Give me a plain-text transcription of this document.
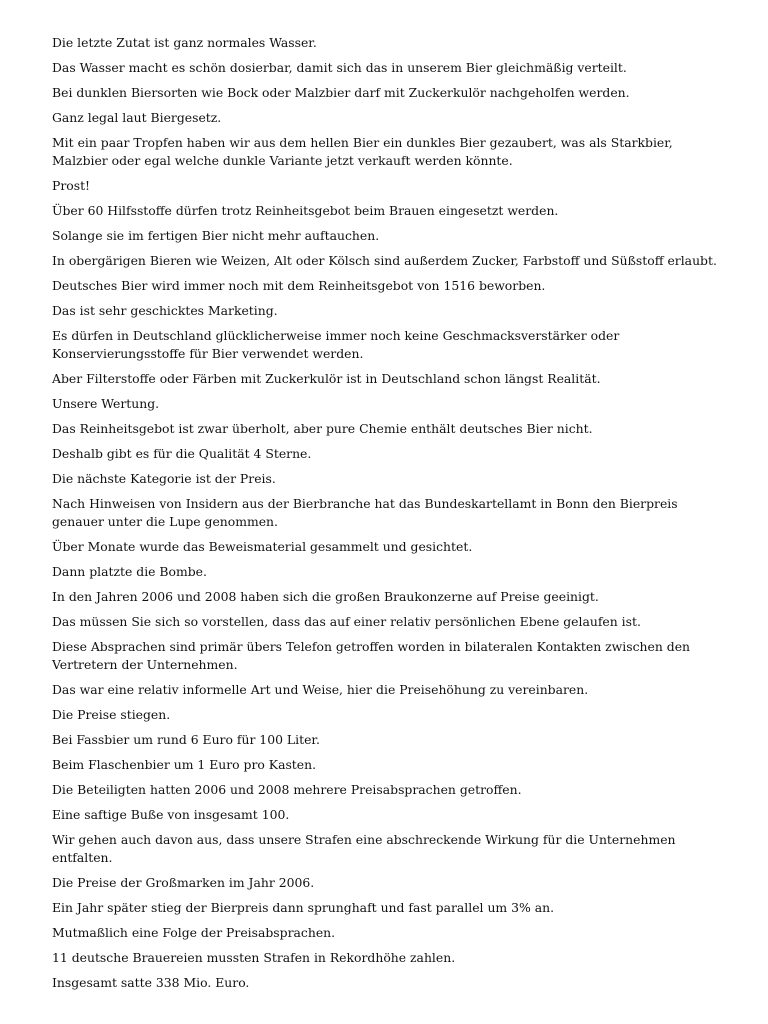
Die letzte Zutat ist ganz normales Wasser.

Das Wasser macht es schön dosierbar, damit sich das in unserem Bier gleichmäßig verteilt.

Bei dunklen Biersorten wie Bock oder Malzbier darf mit Zuckerkulör nachgeholfen werden.

Ganz legal laut Biergesetz.

Mit ein paar Tropfen haben wir aus dem hellen Bier ein dunkles Bier gezaubert, was als Starkbier, Malzbier oder egal welche dunkle Variante jetzt verkauft werden könnte.

Prost!

Über 60 Hilfsstoffe dürfen trotz Reinheitsgebot beim Brauen eingesetzt werden.

Solange sie im fertigen Bier nicht mehr auftauchen.

In obergärigen Bieren wie Weizen, Alt oder Kölsch sind außerdem Zucker, Farbstoff und Süßstoff erlaubt.

Deutsches Bier wird immer noch mit dem Reinheitsgebot von 1516 beworben.

Das ist sehr geschicktes Marketing.

Es dürfen in Deutschland glücklicherweise immer noch keine Geschmacksverstärker oder Konservierungsstoffe für Bier verwendet werden.

Aber Filterstoffe oder Färben mit Zuckerkulör ist in Deutschland schon längst Realität.

Unsere Wertung.

Das Reinheitsgebot ist zwar überholt, aber pure Chemie enthält deutsches Bier nicht.

Deshalb gibt es für die Qualität 4 Sterne.

Die nächste Kategorie ist der Preis.

Nach Hinweisen von Insidern aus der Bierbranche hat das Bundeskartellamt in Bonn den Bierpreis genauer unter die Lupe genommen.

Über Monate wurde das Beweismaterial gesammelt und gesichtet.

Dann platzte die Bombe.

In den Jahren 2006 und 2008 haben sich die großen Braukonzerne auf Preise geeinigt.

Das müssen Sie sich so vorstellen, dass das auf einer relativ persönlichen Ebene gelaufen ist.

Diese Absprachen sind primär übers Telefon getroffen worden in bilateralen Kontakten zwischen den Vertretern der Unternehmen.

Das war eine relativ informelle Art und Weise, hier die Preisehöhung zu vereinbaren.

Die Preise stiegen.

Bei Fassbier um rund 6 Euro für 100 Liter.

Beim Flaschenbier um 1 Euro pro Kasten.

Die Beteiligten hatten 2006 und 2008 mehrere Preisabsprachen getroffen.

Eine saftige Buße von insgesamt 100.

Wir gehen auch davon aus, dass unsere Strafen eine abschreckende Wirkung für die Unternehmen entfalten.

Die Preise der Großmarken im Jahr 2006.

Ein Jahr später stieg der Bierpreis dann sprunghaft und fast parallel um 3% an.

Mutmaßlich eine Folge der Preisabsprachen.

11 deutsche Brauereien mussten Strafen in Rekordhöhe zahlen.

Insgesamt satte 338 Mio. Euro.
